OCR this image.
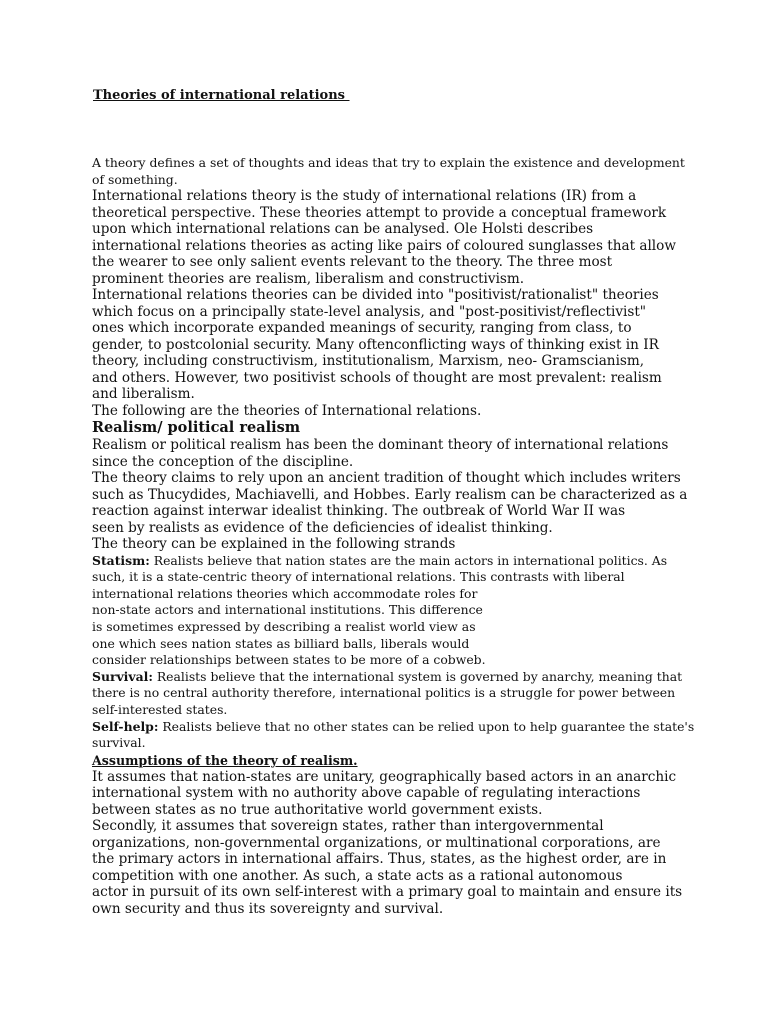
Theories of international relations

A theory defines a set of thoughts and ideas that try to explain the existence and development
of something.

International relations theory is the study of international relations (IR) from a
theoretical perspective. These theories attempt to provide a conceptual framework
upon which international relations can be analysed. Ole Holsti describes
international relations theories as acting like pairs of coloured sunglasses that allow
the wearer to see only salient events relevant to the theory. The three most
prominent theories are realism, liberalism and constructivism.

International relations theories can be divided into "positivist/rationalist" theories
which focus on a principally state-level analysis, and "post-positivist/reflectivist"
ones which incorporate expanded meanings of security, ranging from class, to
gender, to postcolonial security. Many oftenconflicting ways of thinking exist in IR
theory, including constructivism, institutionalism, Marxism, neo- Gramscianism,
and others. However, two positivist schools of thought are most prevalent: realism
and liberalism.

The following are the theories of International relations.

Realism/ political realism

Realism or political realism has been the dominant theory of international relations
since the conception of the discipline.

The theory claims to rely upon an ancient tradition of thought which includes writers
such as Thucydides, Machiavelli, and Hobbes. Early realism can be characterized as a
reaction against interwar idealist thinking. The outbreak of World War II was
seen by realists as evidence of the deficiencies of idealist thinking.

The theory can be explained in the following strands

Statism: Realists believe that nation states are the main actors in international politics. As
such, it is a state-centric theory of international relations. This contrasts with liberal
international relations theories which accommodate roles for
non-state actors and international institutions. This difference
is sometimes expressed by describing a realist world view as
one which sees nation states as billiard balls, liberals would
consider relationships between states to be more of a cobweb.

Survival: Realists believe that the international system is governed by anarchy, meaning that
there is no central authority therefore, international politics is a struggle for power between
self-interested states.

Self-help: Realists believe that no other states can be relied upon to help guarantee the state's
survival.

Assumptions of the theory of realism.

It assumes that nation-states are unitary, geographically based actors in an anarchic
international system with no authority above capable of regulating interactions
between states as no true authoritative world government exists.

Secondly, it assumes that sovereign states, rather than intergovernmental
organizations, non-governmental organizations, or multinational corporations, are
the primary actors in international affairs. Thus, states, as the highest order, are in
competition with one another. As such, a state acts as a rational autonomous
actor in pursuit of its own self-interest with a primary goal to maintain and ensure its
own security and thus its sovereignty and survival.
